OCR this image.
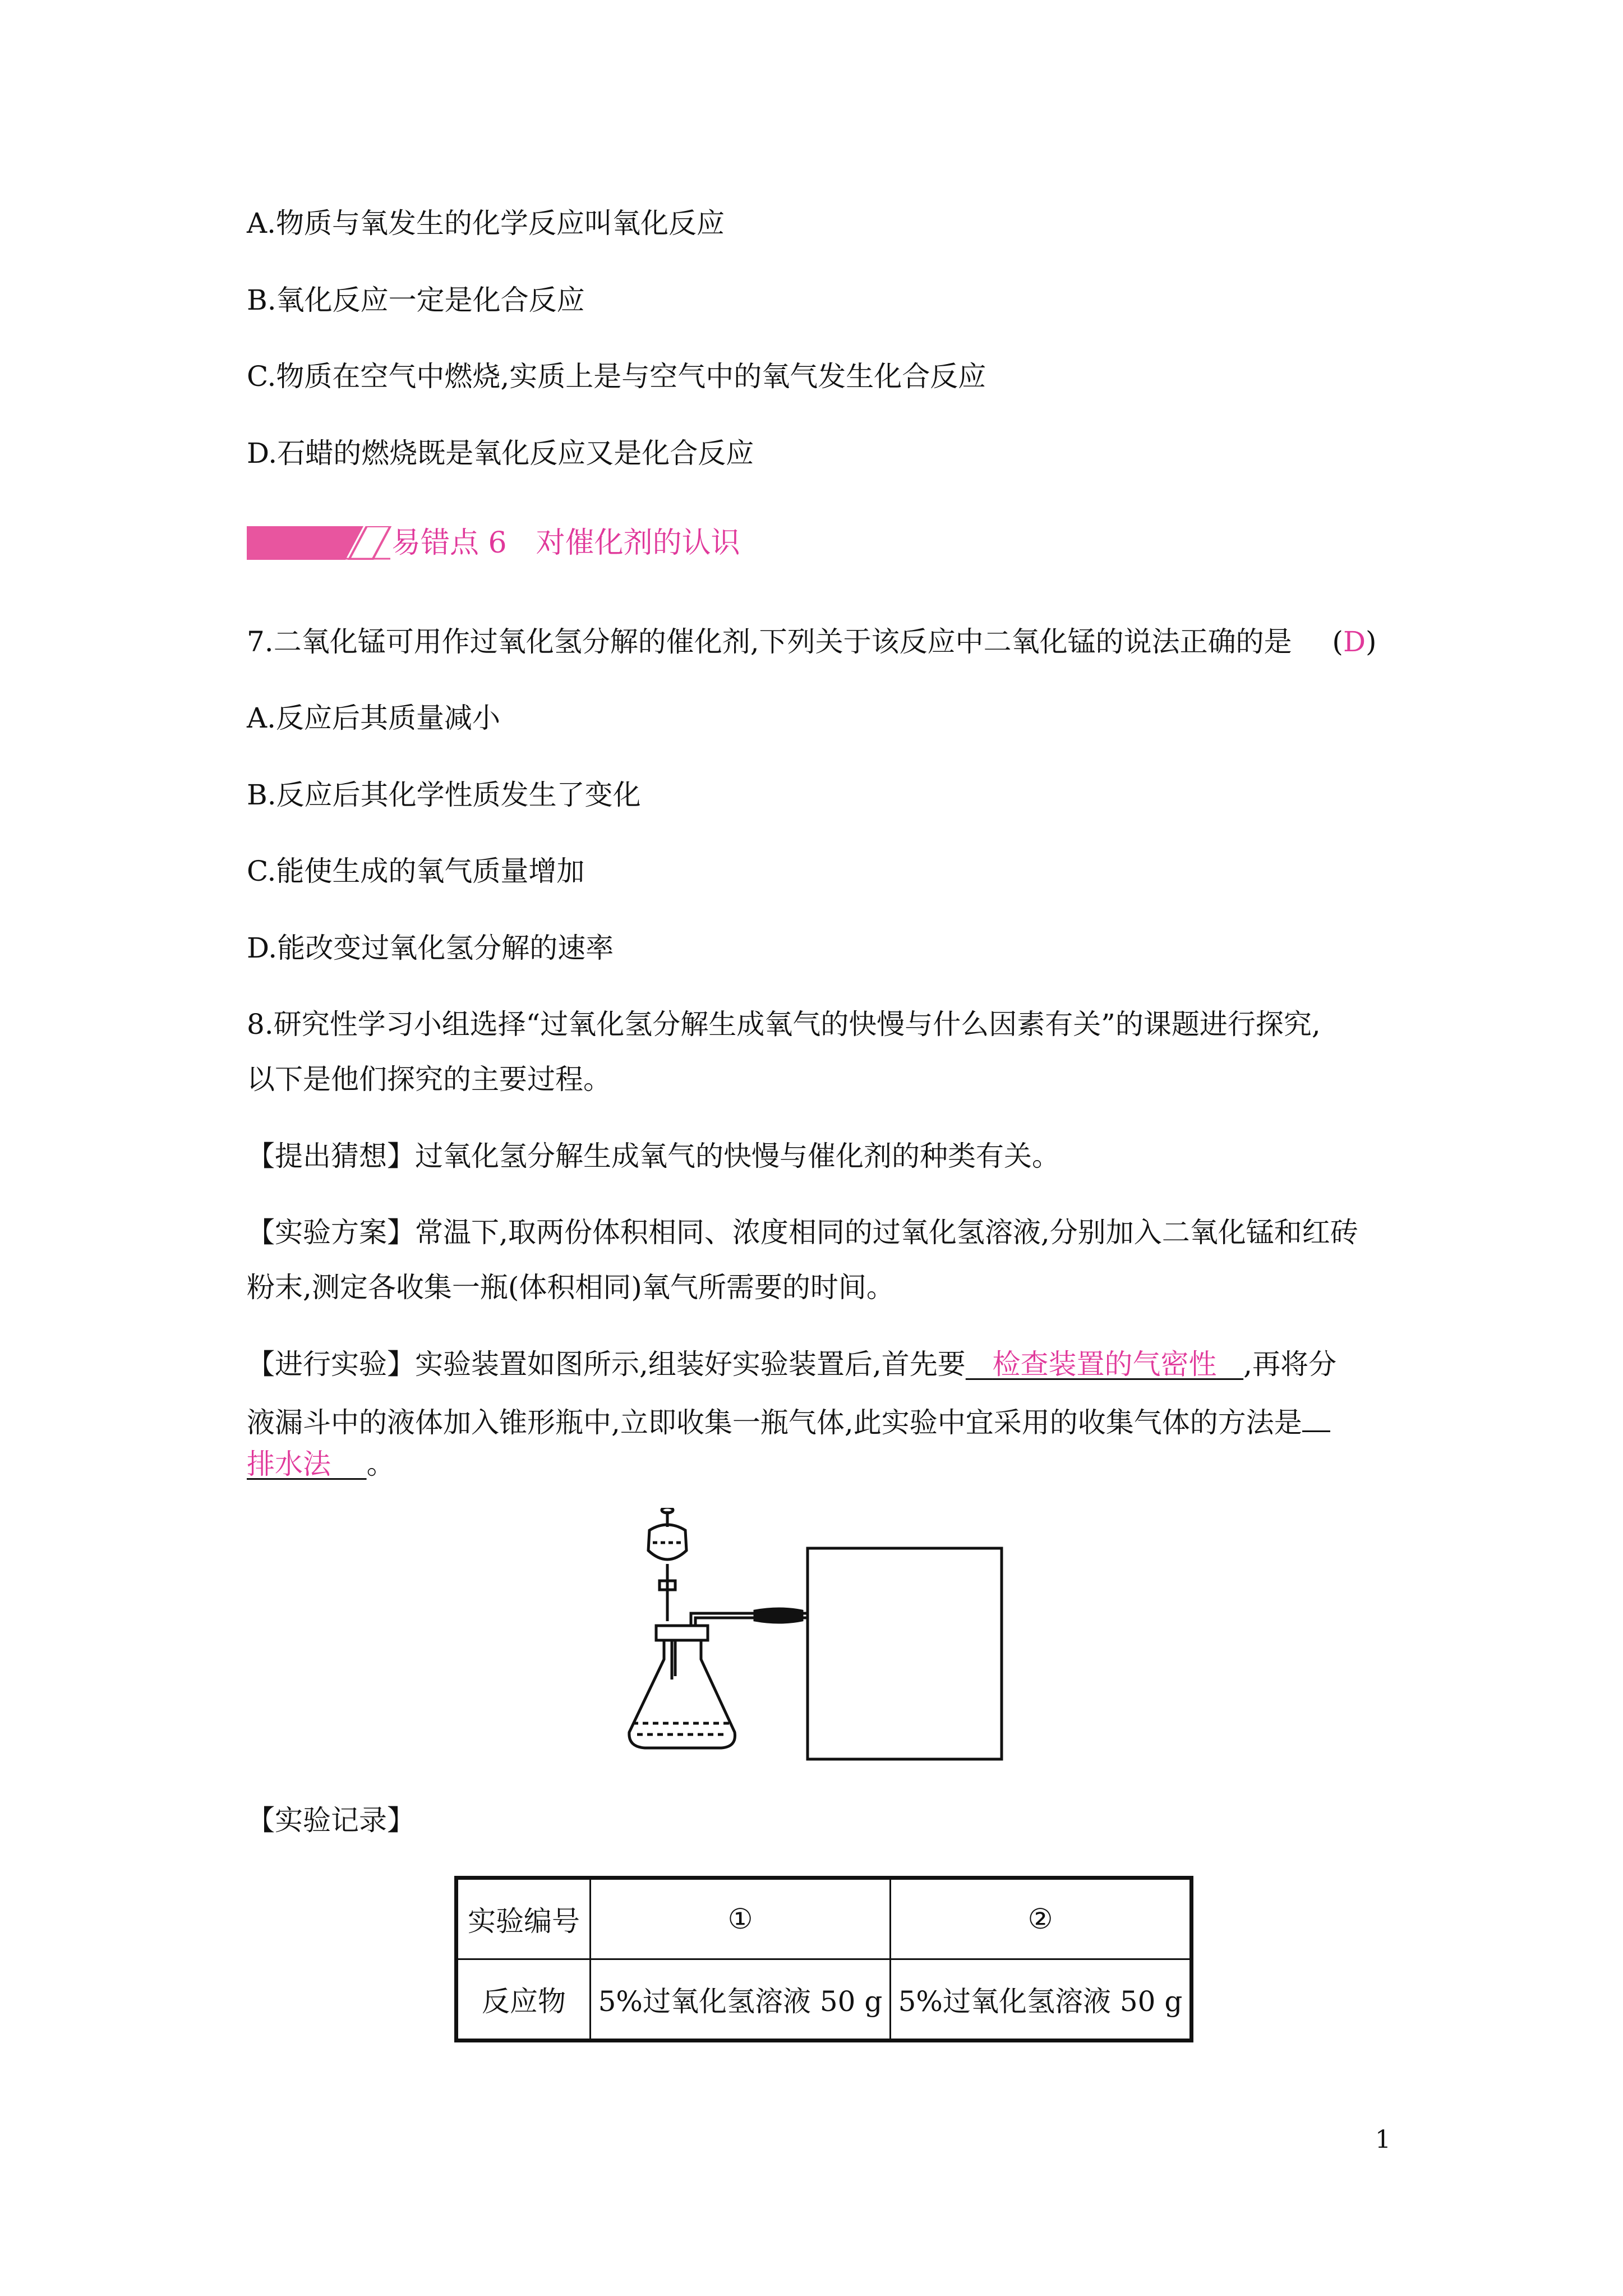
A.物质与氧发生的化学反应叫氧化反应
B.氧化反应一定是化合反应
C.物质在空气中燃烧,实质上是与空气中的氧气发生化合反应
D.石蜡的燃烧既是氧化反应又是化合反应
易错点 6　对催化剂的认识
7.二氧化锰可用作过氧化氢分解的催化剂,下列关于该反应中二氧化锰的说法正确的是 (D)
A.反应后其质量减小
B.反应后其化学性质发生了变化
C.能使生成的氧气质量增加
D.能改变过氧化氢分解的速率
8.研究性学习小组选择“过氧化氢分解生成氧气的快慢与什么因素有关”的课题进行探究,
以下是他们探究的主要过程。
【提出猜想】过氧化氢分解生成氧气的快慢与催化剂的种类有关。
【实验方案】常温下,取两份体积相同、浓度相同的过氧化氢溶液,分别加入二氧化锰和红砖
粉末,测定各收集一瓶(体积相同)氧气所需要的时间。
【进行实验】实验装置如图所示,组装好实验装置后,首先要 检查装置的气密性 ,再将分
液漏斗中的液体加入锥形瓶中,立即收集一瓶气体,此实验中宜采用的收集气体的方法是
排水法 。
【实验记录】
实验编号	①	②
反应物	5%过氧化氢溶液 50 g	5%过氧化氢溶液 50 g
1
